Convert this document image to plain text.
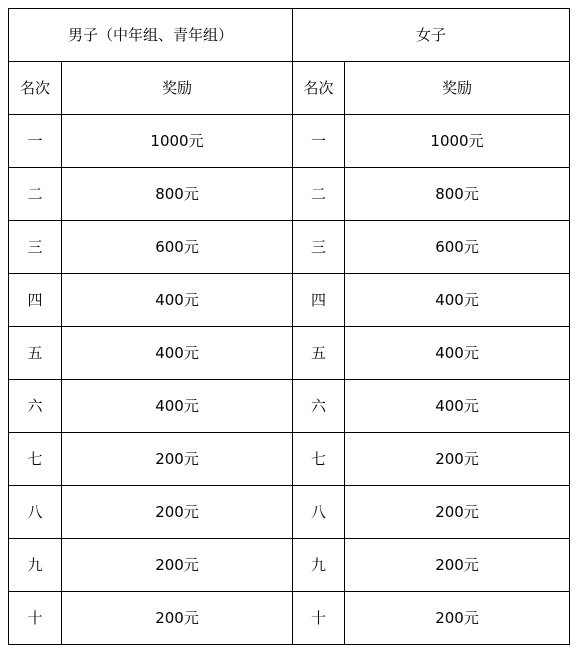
男子（中年组、青年组）		女子	
名次	奖励	名次	奖励
一	1000元	一	1000元
二	800元	二	800元
三	600元	三	600元
四	400元	四	400元
五	400元	五	400元
六	400元	六	400元
七	200元	七	200元
八	200元	八	200元
九	200元	九	200元
十	200元	十	200元
